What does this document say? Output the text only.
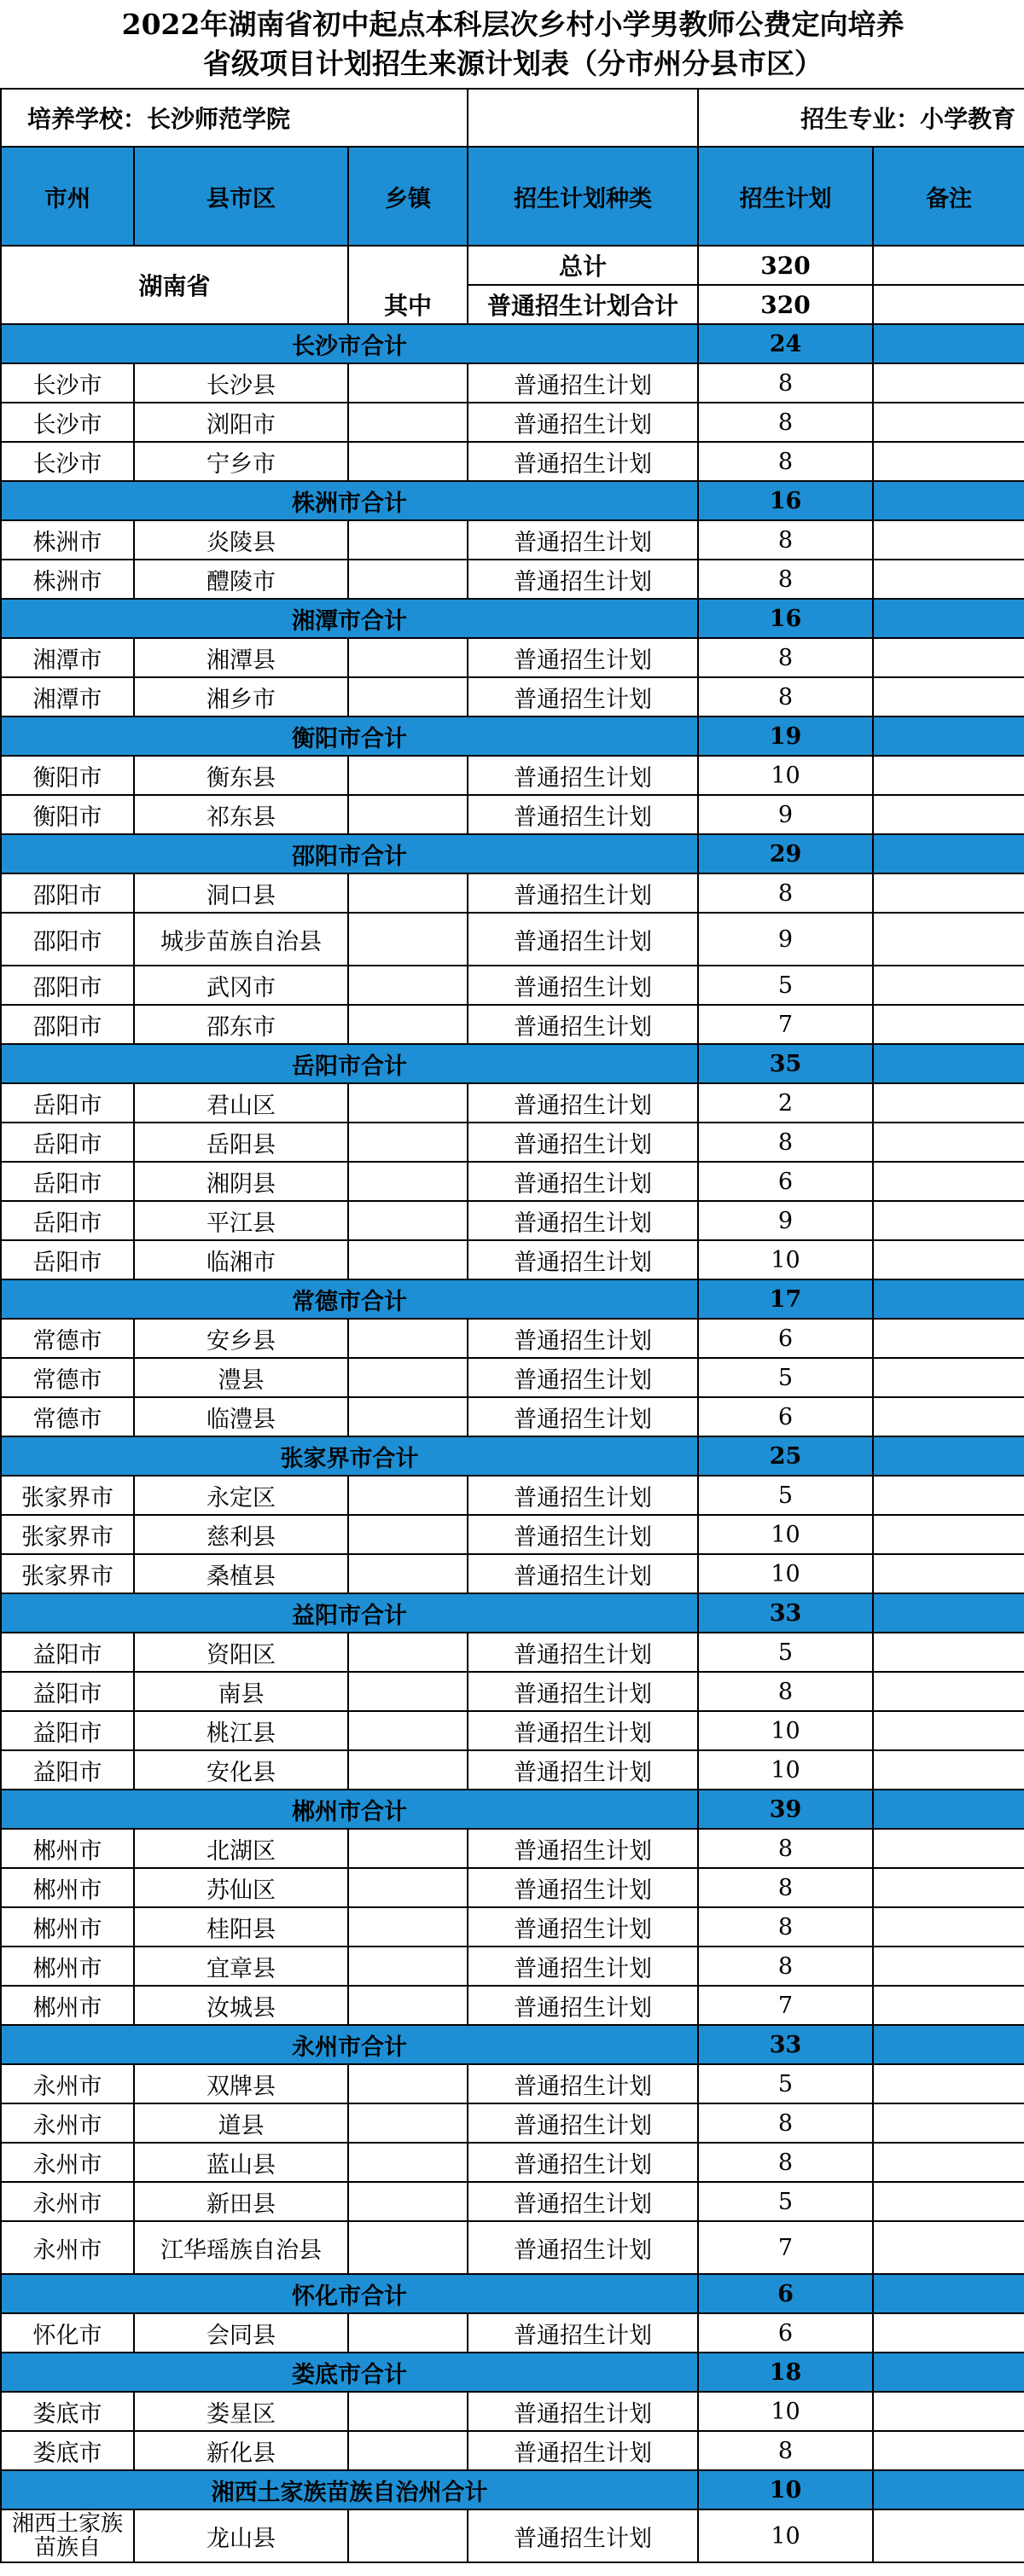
2022年湖南省初中起点本科层次乡村小学男教师公费定向培养
省级项目计划招生来源计划表（分市州分县市区）					

培养学校：长沙师范学院				招生专业：小学教育	
市州	县市区	乡镇	招生计划种类	招生计划	备注
湖南省			总计	320	
		其中	普通招生计划合计	320	
长沙市合计				24	
长沙市	长沙县		普通招生计划	8	
长沙市	浏阳市		普通招生计划	8	
长沙市	宁乡市		普通招生计划	8	
株洲市合计				16	
株洲市	炎陵县		普通招生计划	8	
株洲市	醴陵市		普通招生计划	8	
湘潭市合计				16	
湘潭市	湘潭县		普通招生计划	8	
湘潭市	湘乡市		普通招生计划	8	
衡阳市合计				19	
衡阳市	衡东县		普通招生计划	10	
衡阳市	祁东县		普通招生计划	9	
邵阳市合计				29	
邵阳市	洞口县		普通招生计划	8	
邵阳市	城步苗族自治县		普通招生计划	9	
邵阳市	武冈市		普通招生计划	5	
邵阳市	邵东市		普通招生计划	7	
岳阳市合计				35	
岳阳市	君山区		普通招生计划	2	
岳阳市	岳阳县		普通招生计划	8	
岳阳市	湘阴县		普通招生计划	6	
岳阳市	平江县		普通招生计划	9	
岳阳市	临湘市		普通招生计划	10	
常德市合计				17	
常德市	安乡县		普通招生计划	6	
常德市	澧县		普通招生计划	5	
常德市	临澧县		普通招生计划	6	
张家界市合计				25	
张家界市	永定区		普通招生计划	5	
张家界市	慈利县		普通招生计划	10	
张家界市	桑植县		普通招生计划	10	
益阳市合计				33	
益阳市	资阳区		普通招生计划	5	
益阳市	南县		普通招生计划	8	
益阳市	桃江县		普通招生计划	10	
益阳市	安化县		普通招生计划	10	
郴州市合计				39	
郴州市	北湖区		普通招生计划	8	
郴州市	苏仙区		普通招生计划	8	
郴州市	桂阳县		普通招生计划	8	
郴州市	宜章县		普通招生计划	8	
郴州市	汝城县		普通招生计划	7	
永州市合计				33	
永州市	双牌县		普通招生计划	5	
永州市	道县		普通招生计划	8	
永州市	蓝山县		普通招生计划	8	
永州市	新田县		普通招生计划	5	
永州市	江华瑶族自治县		普通招生计划	7	
怀化市合计				6	
怀化市	会同县		普通招生计划	6	
娄底市合计				18	
娄底市	娄星区		普通招生计划	10	
娄底市	新化县		普通招生计划	8	
湘西土家族苗族自治州合计				10	
湘西土家族苗族自	龙山县		普通招生计划	10	
